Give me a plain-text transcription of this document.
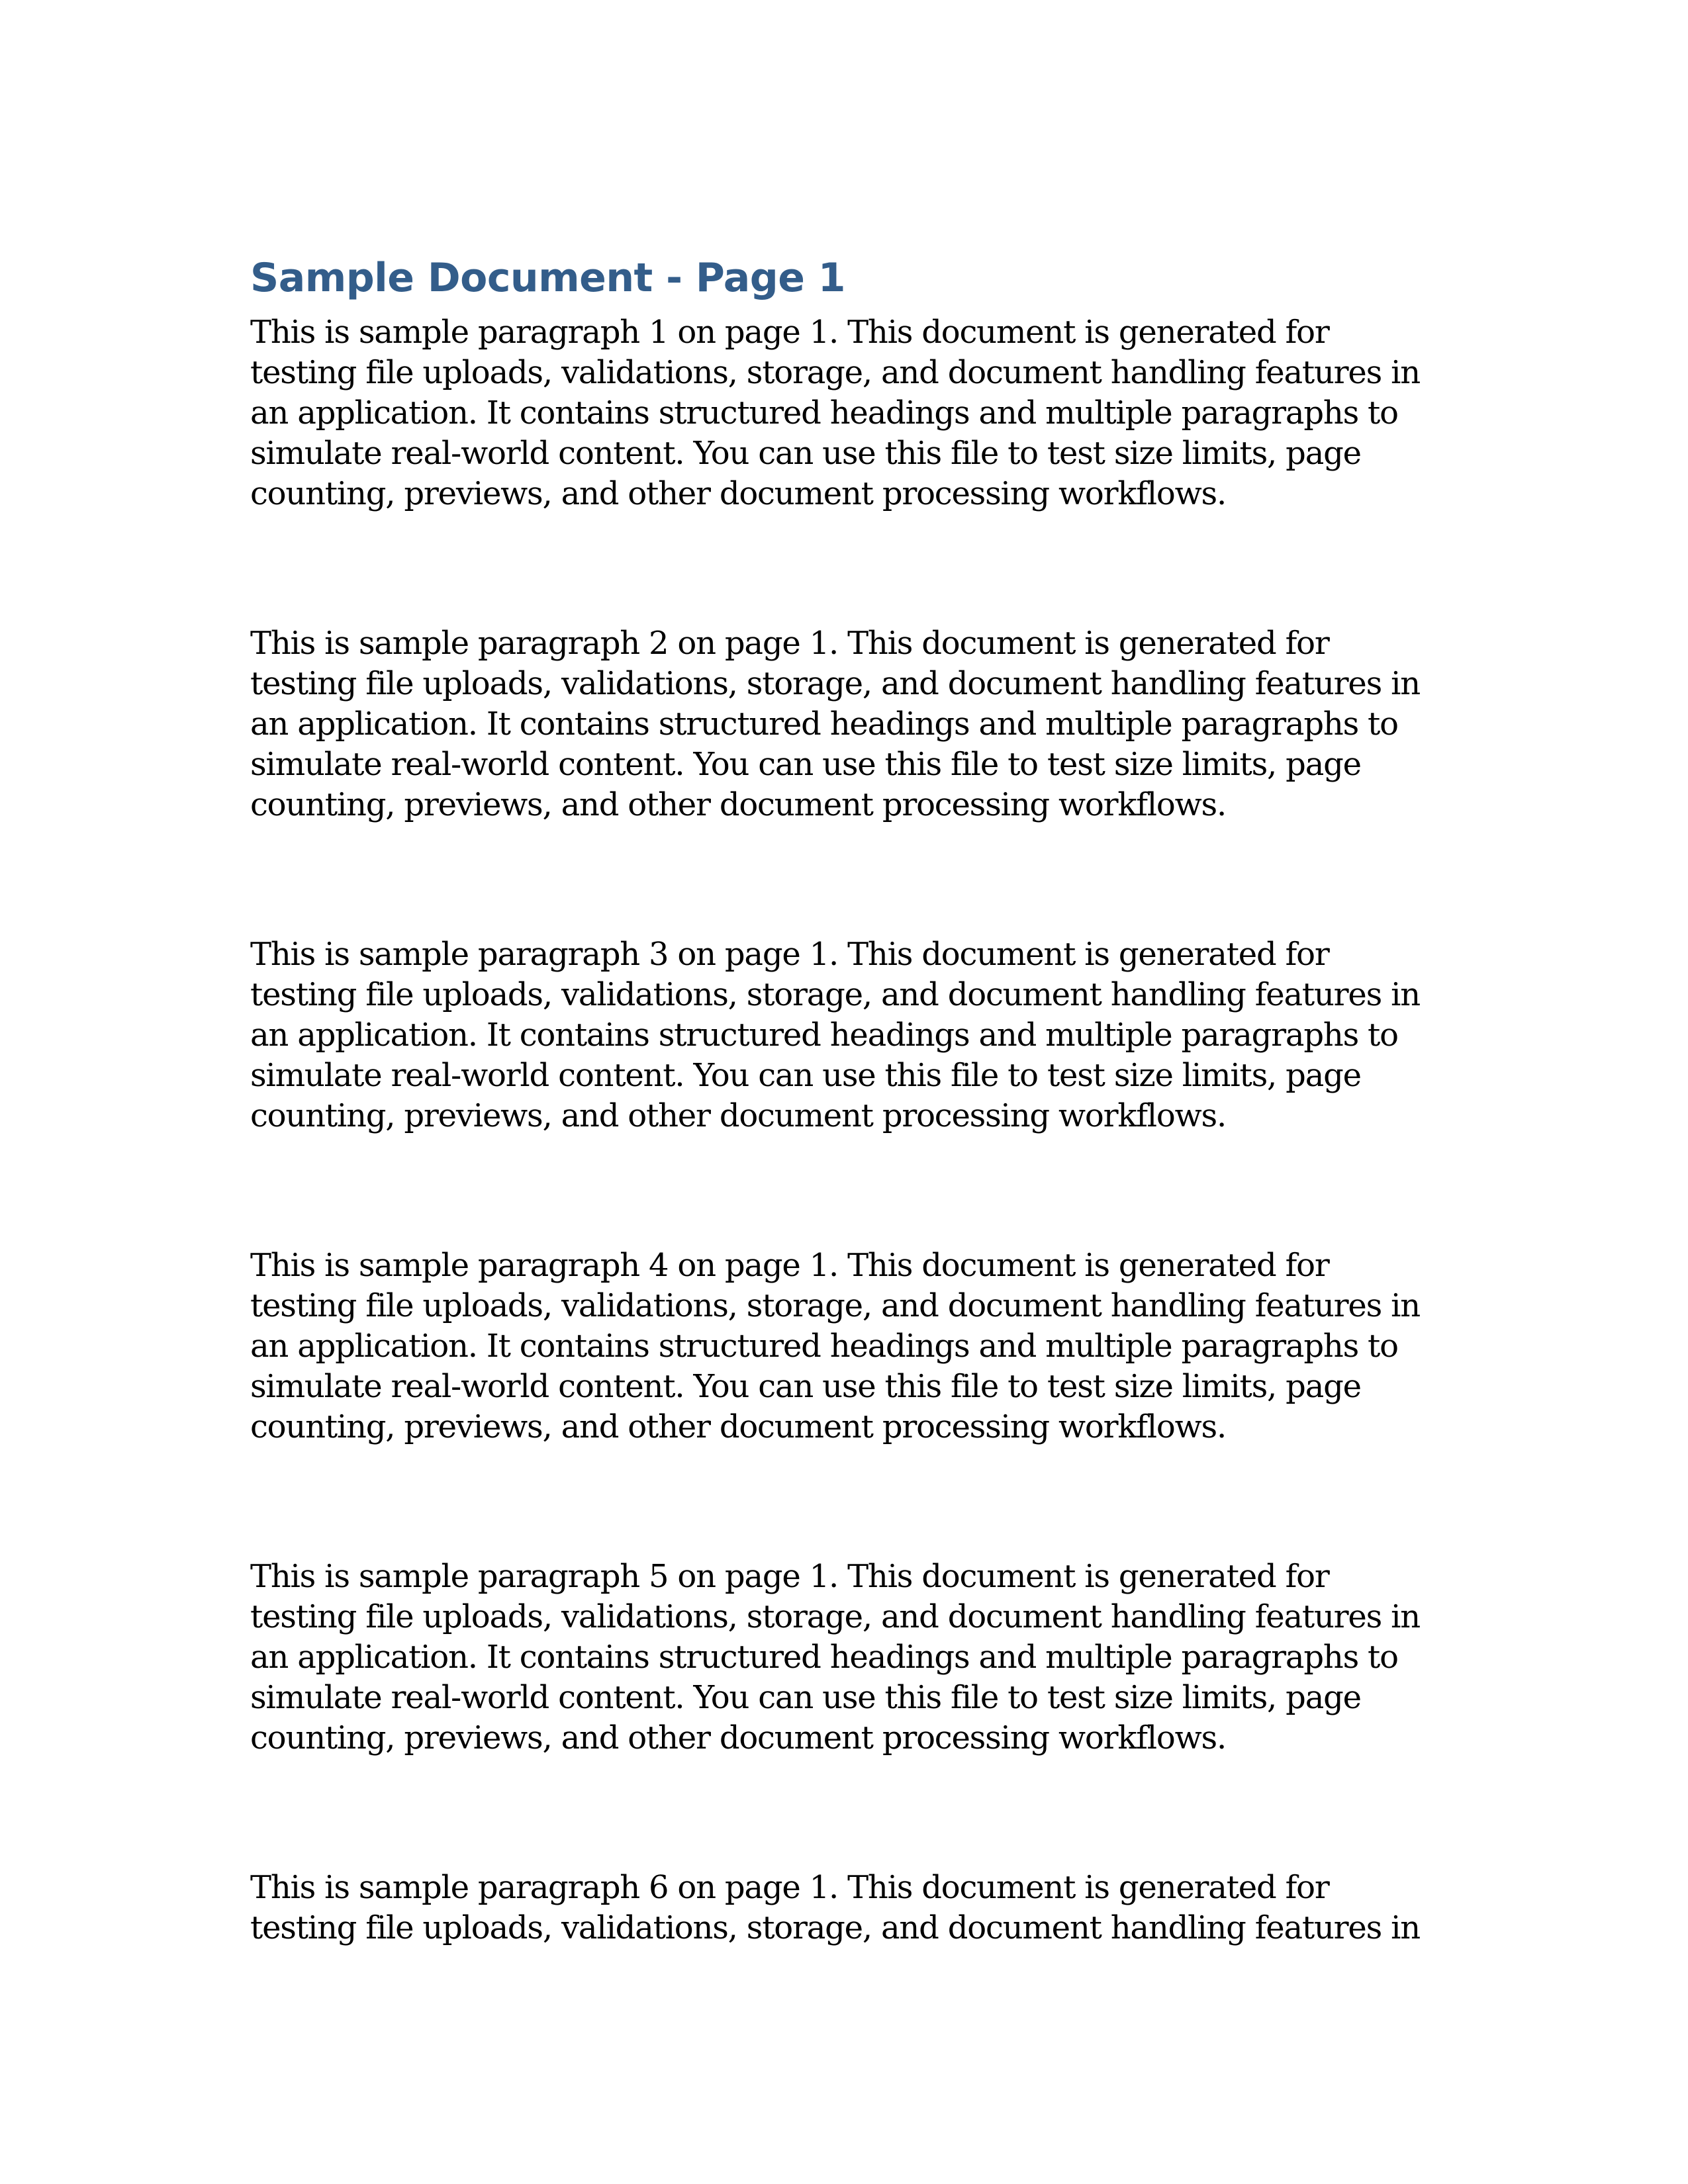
Sample Document - Page 1
This is sample paragraph 1 on page 1. This document is generated for
testing file uploads, validations, storage, and document handling features in
an application. It contains structured headings and multiple paragraphs to
simulate real-world content. You can use this file to test size limits, page
counting, previews, and other document processing workflows.
This is sample paragraph 2 on page 1. This document is generated for
testing file uploads, validations, storage, and document handling features in
an application. It contains structured headings and multiple paragraphs to
simulate real-world content. You can use this file to test size limits, page
counting, previews, and other document processing workflows.
This is sample paragraph 3 on page 1. This document is generated for
testing file uploads, validations, storage, and document handling features in
an application. It contains structured headings and multiple paragraphs to
simulate real-world content. You can use this file to test size limits, page
counting, previews, and other document processing workflows.
This is sample paragraph 4 on page 1. This document is generated for
testing file uploads, validations, storage, and document handling features in
an application. It contains structured headings and multiple paragraphs to
simulate real-world content. You can use this file to test size limits, page
counting, previews, and other document processing workflows.
This is sample paragraph 5 on page 1. This document is generated for
testing file uploads, validations, storage, and document handling features in
an application. It contains structured headings and multiple paragraphs to
simulate real-world content. You can use this file to test size limits, page
counting, previews, and other document processing workflows.
This is sample paragraph 6 on page 1. This document is generated for
testing file uploads, validations, storage, and document handling features in
